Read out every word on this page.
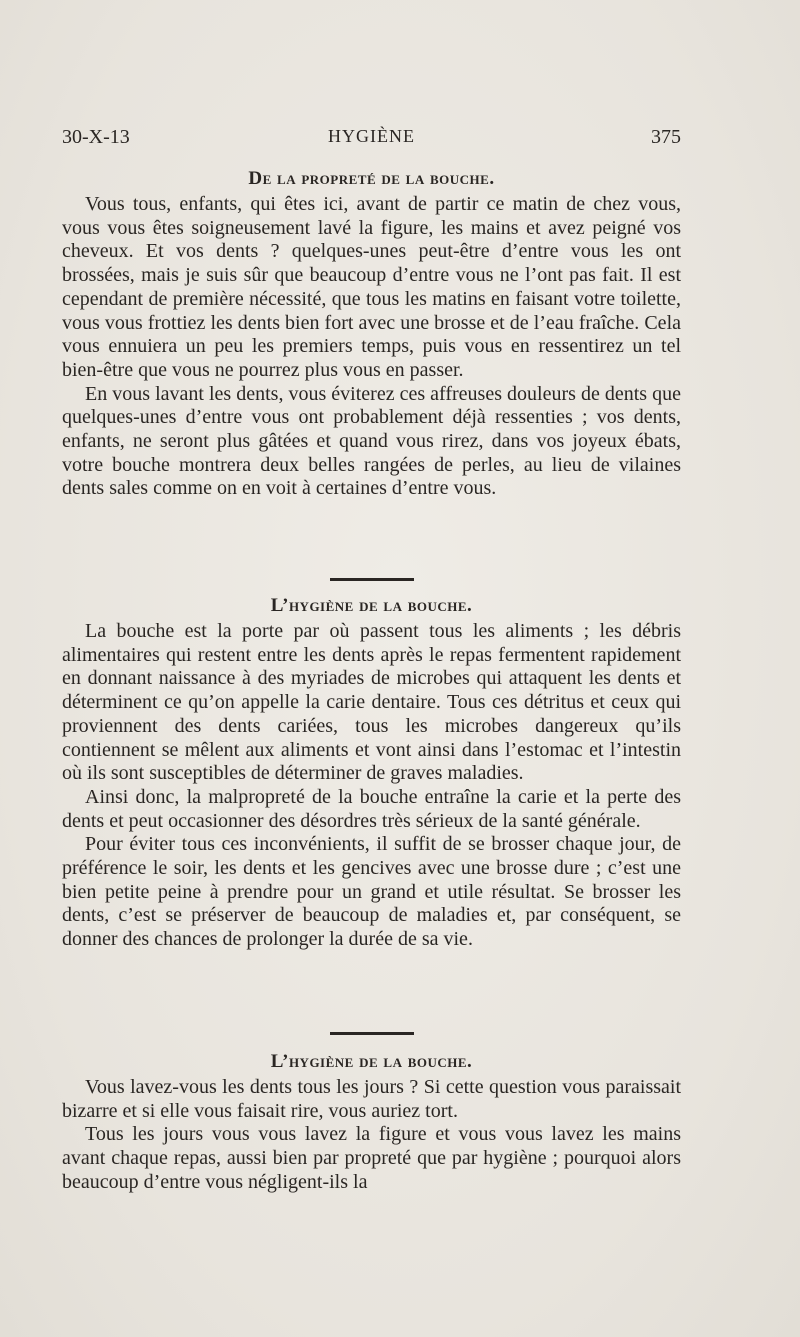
30-X-13	HYGIÈNE	375
De la propreté de la bouche.

Vous tous, enfants, qui êtes ici, avant de partir ce matin de chez vous, vous vous êtes soigneusement lavé la figure, les mains et avez peigné vos cheveux. Et vos dents ? quelques-unes peut-être d’entre vous les ont brossées, mais je suis sûr que beaucoup d’entre vous ne l’ont pas fait. Il est cependant de première nécessité, que tous les matins en faisant votre toilette, vous vous frottiez les dents bien fort avec une brosse et de l’eau fraîche. Cela vous ennuiera un peu les premiers temps, puis vous en ressentirez un tel bien-être que vous ne pourrez plus vous en passer.

En vous lavant les dents, vous éviterez ces affreuses douleurs de dents que quelques-unes d’entre vous ont probablement déjà ressenties ; vos dents, enfants, ne seront plus gâtées et quand vous rirez, dans vos joyeux ébats, votre bouche montrera deux belles rangées de perles, au lieu de vilaines dents sales comme on en voit à certaines d’entre vous.

L’hygiène de la bouche.

La bouche est la porte par où passent tous les aliments ; les débris alimentaires qui restent entre les dents après le repas fermentent rapidement en donnant naissance à des myriades de microbes qui attaquent les dents et déterminent ce qu’on appelle la carie dentaire. Tous ces détritus et ceux qui proviennent des dents cariées, tous les microbes dangereux qu’ils contiennent se mêlent aux aliments et vont ainsi dans l’estomac et l’intestin où ils sont susceptibles de déterminer de graves maladies.

Ainsi donc, la malpropreté de la bouche entraîne la carie et la perte des dents et peut occasionner des désordres très sérieux de la santé générale.

Pour éviter tous ces inconvénients, il suffit de se brosser chaque jour, de préférence le soir, les dents et les gencives avec une brosse dure ; c’est une bien petite peine à prendre pour un grand et utile résultat. Se brosser les dents, c’est se préserver de beaucoup de maladies et, par conséquent, se donner des chances de prolonger la durée de sa vie.

L’hygiène de la bouche.

Vous lavez-vous les dents tous les jours ? Si cette question vous paraissait bizarre et si elle vous faisait rire, vous auriez tort.

Tous les jours vous vous lavez la figure et vous vous lavez les mains avant chaque repas, aussi bien par propreté que par hygiène ; pourquoi alors beaucoup d’entre vous négligent-ils la
